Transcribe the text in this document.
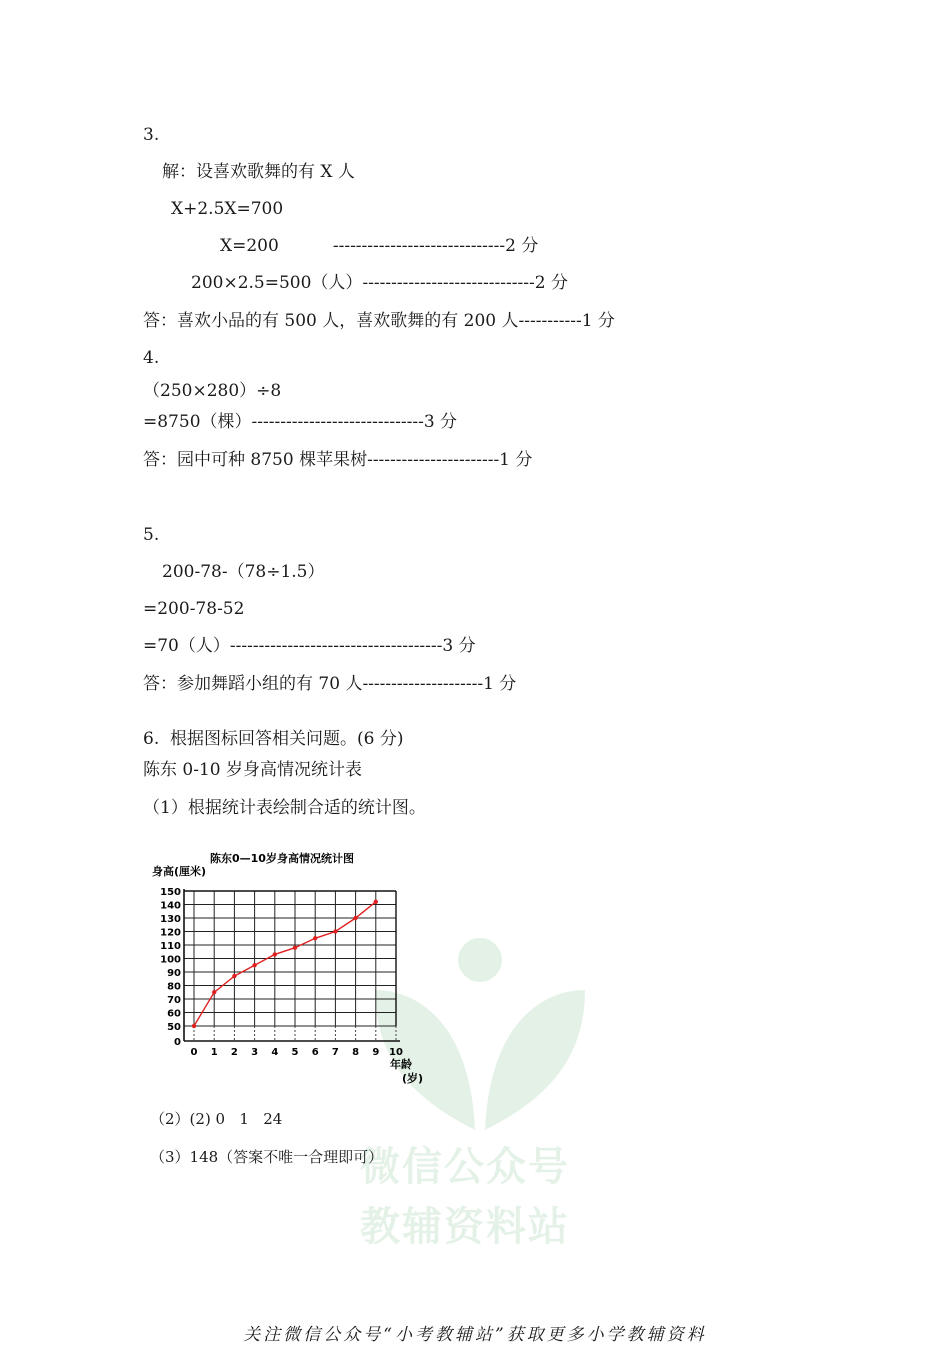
微信公众号
教辅资料站
3.
解：设喜欢歌舞的有 X 人
X+2.5X=700
X=200          ------------------------------2 分
200×2.5=500（人）------------------------------2 分
答：喜欢小品的有 500 人，喜欢歌舞的有 200 人-----------1 分
4.
（250×280）÷8
=8750（棵）------------------------------3 分
答：园中可种 8750 棵苹果树-----------------------1 分
5.
200-78-（78÷1.5）
=200-78-52
=70（人）-------------------------------------3 分
答：参加舞蹈小组的有 70 人---------------------1 分
6.  根据图标回答相关问题。(6 分)
陈东 0-10 岁身高情况统计表
（1）根据统计表绘制合适的统计图。
陈东0—10岁身高情况统计图
身高(厘米)
年龄
(岁)
0
50
60
70
80
90
100
110
120
130
140
150
0 1 2 3 4 5 6 7 8 9 10
（2）(2) 0   1   24
（3）148（答案不唯一合理即可）
关注微信公众号“小考教辅站”获取更多小学教辅资料
